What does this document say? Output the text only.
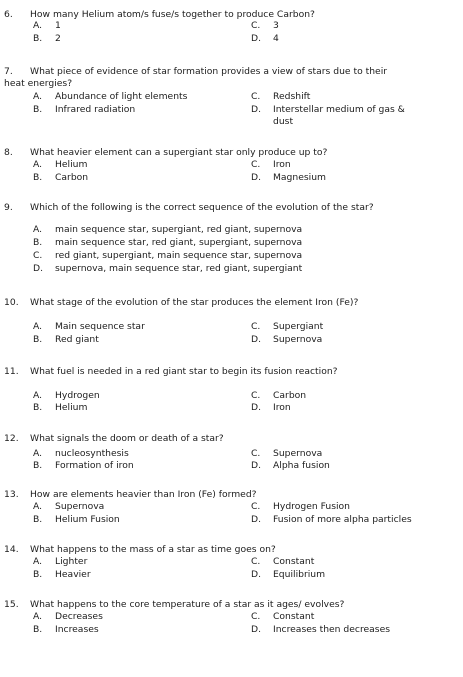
6. How many Helium atom/s fuse/s together to produce Carbon?
A. 1	C. 3
B. 2	D. 4
7. What piece of evidence of star formation provides a view of stars due to their
heat energies?
A. Abundance of light elements	C. Redshift
B. Infrared radiation	D. Interstellar medium of gas &
dust
8. What heavier element can a supergiant star only produce up to?
A. Helium	C. Iron
B. Carbon	D. Magnesium
9. Which of the following is the correct sequence of the evolution of the star?
A. main sequence star, supergiant, red giant, supernova
B. main sequence star, red giant, supergiant, supernova
C. red giant, supergiant, main sequence star, supernova
D. supernova, main sequence star, red giant, supergiant
10. What stage of the evolution of the star produces the element Iron (Fe)?
A. Main sequence star	C. Supergiant
B. Red giant	D. Supernova
11. What fuel is needed in a red giant star to begin its fusion reaction?
A. Hydrogen	C. Carbon
B. Helium	D. Iron
12. What signals the doom or death of a star?
A. nucleosynthesis	C. Supernova
B. Formation of iron	D. Alpha fusion
13. How are elements heavier than Iron (Fe) formed?
A. Supernova	C. Hydrogen Fusion
B. Helium Fusion	D. Fusion of more alpha particles
14. What happens to the mass of a star as time goes on?
A. Lighter	C. Constant
B. Heavier	D. Equilibrium
15. What happens to the core temperature of a star as it ages/ evolves?
A. Decreases	C. Constant
B. Increases	D. Increases then decreases
